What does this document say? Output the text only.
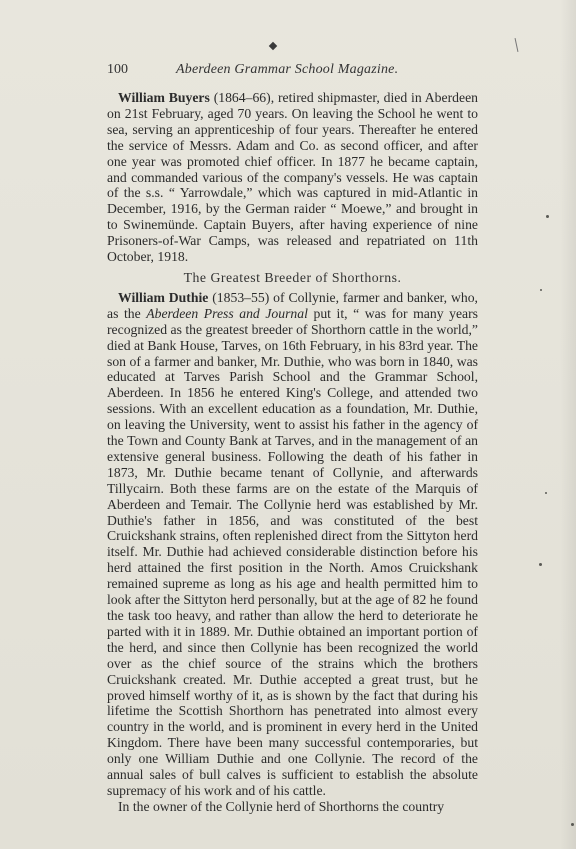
100	Aberdeen Grammar School Magazine.

William Buyers (1864–66), retired shipmaster, died in Aberdeen on 21st February, aged 70 years. On leaving the School he went to sea, serving an apprenticeship of four years. Thereafter he entered the service of Messrs. Adam and Co. as second officer, and after one year was promoted chief officer. In 1877 he became captain, and commanded various of the company's vessels. He was captain of the s.s. “ Yarrowdale,” which was captured in mid-Atlantic in December, 1916, by the German raider “ Moewe,” and brought in to Swinemünde. Captain Buyers, after having experience of nine Prisoners-of-War Camps, was released and repatriated on 11th October, 1918.

The Greatest Breeder of Shorthorns.

William Duthie (1853–55) of Collynie, farmer and banker, who, as the Aberdeen Press and Journal put it, “ was for many years recognized as the greatest breeder of Shorthorn cattle in the world,” died at Bank House, Tarves, on 16th February, in his 83rd year. The son of a farmer and banker, Mr. Duthie, who was born in 1840, was educated at Tarves Parish School and the Grammar School, Aberdeen. In 1856 he entered King's College, and attended two sessions. With an excellent education as a foundation, Mr. Duthie, on leaving the University, went to assist his father in the agency of the Town and County Bank at Tarves, and in the management of an extensive general business. Following the death of his father in 1873, Mr. Duthie became tenant of Collynie, and afterwards Tillycairn. Both these farms are on the estate of the Marquis of Aberdeen and Temair. The Collynie herd was established by Mr. Duthie's father in 1856, and was constituted of the best Cruickshank strains, often replenished direct from the Sittyton herd itself. Mr. Duthie had achieved considerable distinction before his herd attained the first position in the North. Amos Cruickshank remained supreme as long as his age and health permitted him to look after the Sittyton herd personally, but at the age of 82 he found the task too heavy, and rather than allow the herd to deteriorate he parted with it in 1889. Mr. Duthie obtained an important portion of the herd, and since then Collynie has been recognized the world over as the chief source of the strains which the brothers Cruickshank created. Mr. Duthie accepted a great trust, but he proved himself worthy of it, as is shown by the fact that during his lifetime the Scottish Shorthorn has penetrated into almost every country in the world, and is prominent in every herd in the United Kingdom. There have been many successful contemporaries, but only one William Duthie and one Collynie. The record of the annual sales of bull calves is sufficient to establish the absolute supremacy of his work and of his cattle.

In the owner of the Collynie herd of Shorthorns the country
